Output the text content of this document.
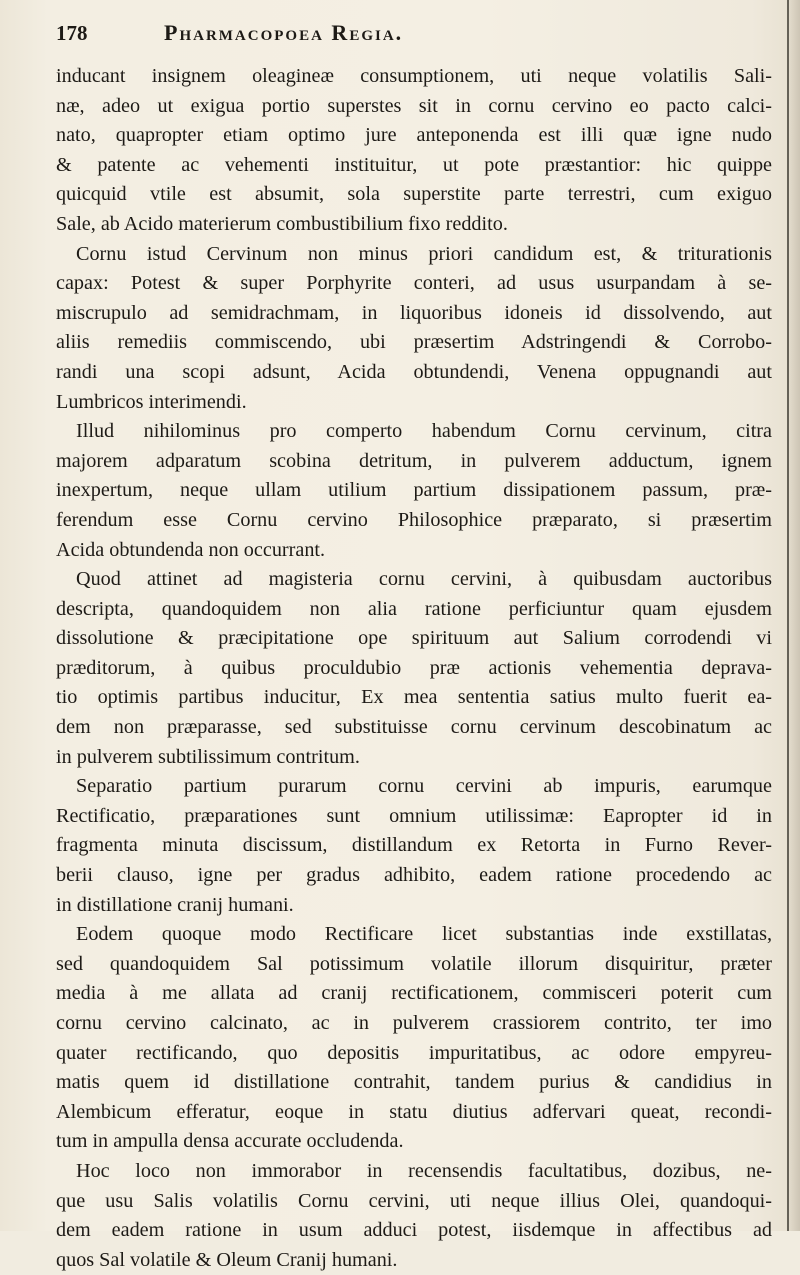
178	Pharmacopoea Regia.
inducant insignem oleagineæ consumptionem, uti neque volatilis Sali-
næ, adeo ut exigua portio superstes sit in cornu cervino eo pacto calci-
nato, quapropter etiam optimo jure anteponenda est illi quæ igne nudo
& patente ac vehementi instituitur, ut pote præstantior: hic quippe
quicquid vtile est absumit, sola superstite parte terrestri, cum exiguo
Sale, ab Acido materierum combustibilium fixo reddito.
Cornu istud Cervinum non minus priori candidum est, & triturationis
capax: Potest & super Porphyrite conteri, ad usus usurpandam à se-
miscrupulo ad semidrachmam, in liquoribus idoneis id dissolvendo, aut
aliis remediis commiscendo, ubi præsertim Adstringendi & Corrobo-
randi una scopi adsunt, Acida obtundendi, Venena oppugnandi aut
Lumbricos interimendi.
Illud nihilominus pro comperto habendum Cornu cervinum, citra
majorem adparatum scobina detritum, in pulverem adductum, ignem
inexpertum, neque ullam utilium partium dissipationem passum, præ-
ferendum esse Cornu cervino Philosophice præparato, si præsertim
Acida obtundenda non occurrant.
Quod attinet ad magisteria cornu cervini, à quibusdam auctoribus
descripta, quandoquidem non alia ratione perficiuntur quam ejusdem
dissolutione & præcipitatione ope spirituum aut Salium corrodendi vi
præditorum, à quibus proculdubio præ actionis vehementia deprava-
tio optimis partibus inducitur, Ex mea sententia satius multo fuerit ea-
dem non præparasse, sed substituisse cornu cervinum descobinatum ac
in pulverem subtilissimum contritum.
Separatio partium purarum cornu cervini ab impuris, earumque
Rectificatio, præparationes sunt omnium utilissimæ: Eapropter id in
fragmenta minuta discissum, distillandum ex Retorta in Furno Rever-
berii clauso, igne per gradus adhibito, eadem ratione procedendo ac
in distillatione cranij humani.
Eodem quoque modo Rectificare licet substantias inde exstillatas,
sed quandoquidem Sal potissimum volatile illorum disquiritur, præter
media à me allata ad cranij rectificationem, commisceri poterit cum
cornu cervino calcinato, ac in pulverem crassiorem contrito, ter imo
quater rectificando, quo depositis impuritatibus, ac odore empyreu-
matis quem id distillatione contrahit, tandem purius & candidius in
Alembicum efferatur, eoque in statu diutius adfervari queat, recondi-
tum in ampulla densa accurate occludenda.
Hoc loco non immorabor in recensendis facultatibus, dozibus, ne-
que usu Salis volatilis Cornu cervini, uti neque illius Olei, quandoqui-
dem eadem ratione in usum adduci potest, iisdemque in affectibus ad
quos Sal volatile & Oleum Cranij humani.
